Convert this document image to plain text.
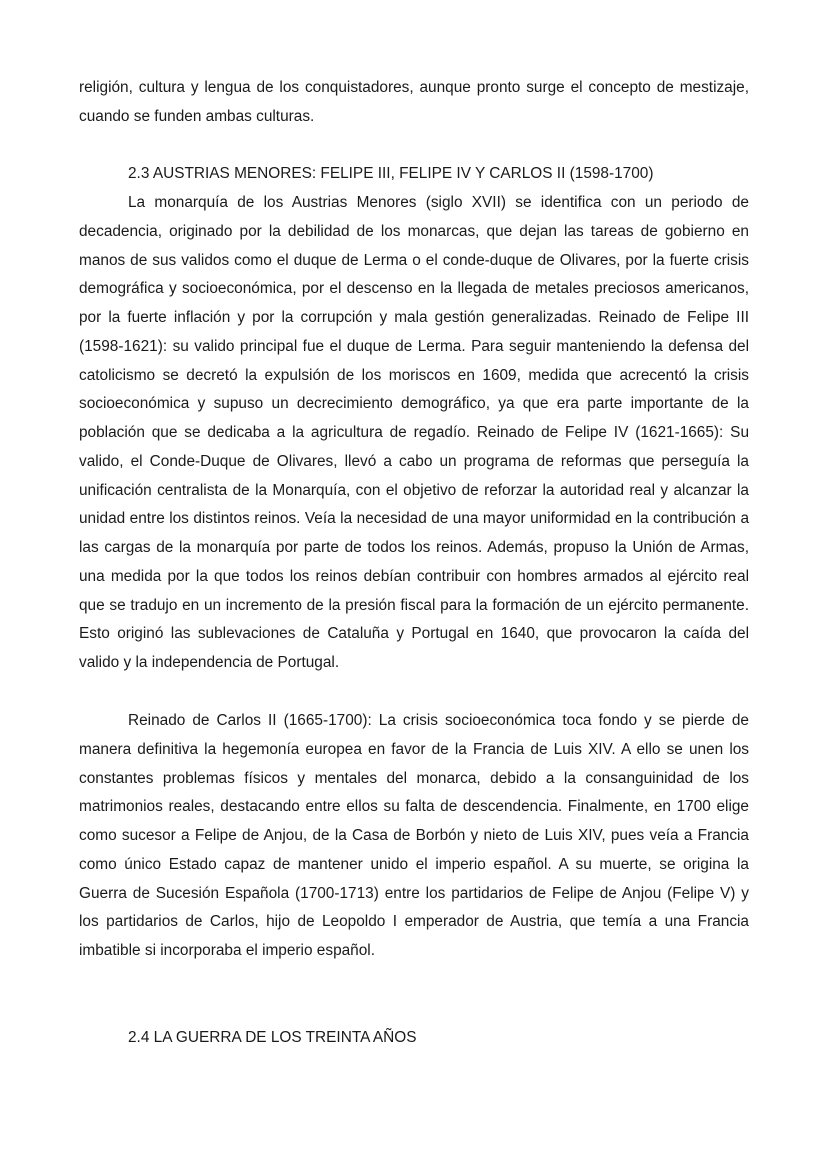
religión, cultura y lengua de los conquistadores, aunque pronto surge el concepto de mestizaje, cuando se funden ambas culturas.

2.3 AUSTRIAS MENORES: FELIPE III, FELIPE IV Y CARLOS II (1598-1700)

La monarquía de los Austrias Menores (siglo XVII) se identifica con un periodo de decadencia, originado por la debilidad de los monarcas, que dejan las tareas de gobierno en manos de sus validos como el duque de Lerma o el conde-duque de Olivares, por la fuerte crisis demográfica y socioeconómica, por el descenso en la llegada de metales preciosos americanos, por la fuerte inflación y por la corrupción y mala gestión generalizadas. Reinado de Felipe III (1598-1621): su valido principal fue el duque de Lerma. Para seguir manteniendo la defensa del catolicismo se decretó la expulsión de los moriscos en 1609, medida que acrecentó la crisis socioeconómica y supuso un decrecimiento demográfico, ya que era parte importante de la población que se dedicaba a la agricultura de regadío. Reinado de Felipe IV (1621-1665): Su valido, el Conde-Duque de Olivares, llevó a cabo un programa de reformas que perseguía la unificación centralista de la Monarquía, con el objetivo de reforzar la autoridad real y alcanzar la unidad entre los distintos reinos. Veía la necesidad de una mayor uniformidad en la contribución a las cargas de la monarquía por parte de todos los reinos. Además, propuso la Unión de Armas, una medida por la que todos los reinos debían contribuir con hombres armados al ejército real que se tradujo en un incremento de la presión fiscal para la formación de un ejército permanente. Esto originó las sublevaciones de Cataluña y Portugal en 1640, que provocaron la caída del valido y la independencia de Portugal.

Reinado de Carlos II (1665-1700): La crisis socioeconómica toca fondo y se pierde de manera definitiva la hegemonía europea en favor de la Francia de Luis XIV. A ello se unen los constantes problemas físicos y mentales del monarca, debido a la consanguinidad de los matrimonios reales, destacando entre ellos su falta de descendencia. Finalmente, en 1700 elige como sucesor a Felipe de Anjou, de la Casa de Borbón y nieto de Luis XIV, pues veía a Francia como único Estado capaz de mantener unido el imperio español. A su muerte, se origina la Guerra de Sucesión Española (1700-1713) entre los partidarios de Felipe de Anjou (Felipe V) y los partidarios de Carlos, hijo de Leopoldo I emperador de Austria, que temía a una Francia imbatible si incorporaba el imperio español.

2.4 LA GUERRA DE LOS TREINTA AÑOS
